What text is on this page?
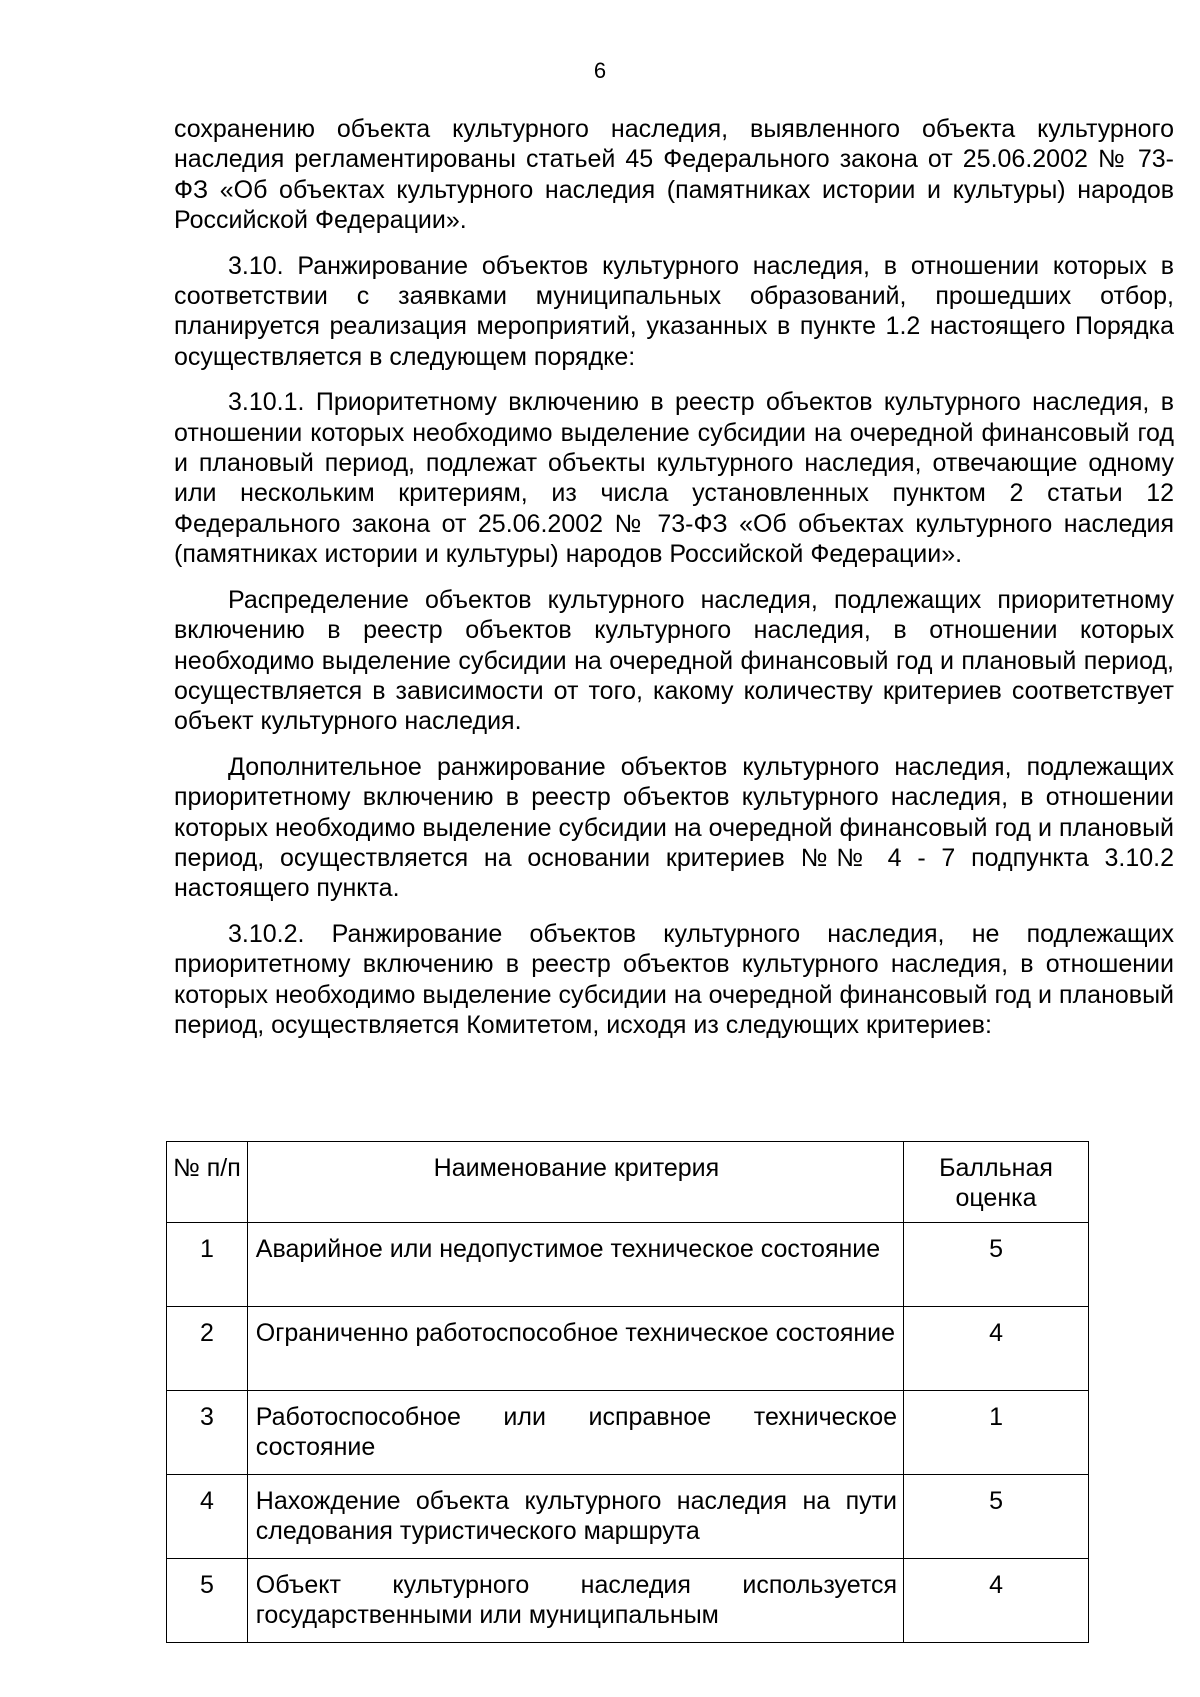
6

сохранению объекта культурного наследия, выявленного объекта культурного наследия регламентированы статьей 45 Федерального закона от 25.06.2002 № 73-ФЗ «Об объектах культурного наследия (памятниках истории и культуры) народов Российской Федерации».

3.10. Ранжирование объектов культурного наследия, в отношении которых в соответствии с заявками муниципальных образований, прошедших отбор, планируется реализация мероприятий, указанных в пункте 1.2 настоящего Порядка осуществляется в следующем порядке:

3.10.1. Приоритетному включению в реестр объектов культурного наследия, в отношении которых необходимо выделение субсидии на очередной финансовый год и плановый период, подлежат объекты культурного наследия, отвечающие одному или нескольким критериям, из числа установленных пунктом 2 статьи 12 Федерального закона от 25.06.2002 № 73-ФЗ «Об объектах культурного наследия (памятниках истории и культуры) народов Российской Федерации».

Распределение объектов культурного наследия, подлежащих приоритетному включению в реестр объектов культурного наследия, в отношении которых необходимо выделение субсидии на очередной финансовый год и плановый период, осуществляется в зависимости от того, какому количеству критериев соответствует объект культурного наследия.

Дополнительное ранжирование объектов культурного наследия, подлежащих приоритетному включению в реестр объектов культурного наследия, в отношении которых необходимо выделение субсидии на очередной финансовый год и плановый период, осуществляется на основании критериев №№ 4 - 7 подпункта 3.10.2 настоящего пункта.

3.10.2. Ранжирование объектов культурного наследия, не подлежащих приоритетному включению в реестр объектов культурного наследия, в отношении которых необходимо выделение субсидии на очередной финансовый год и плановый период, осуществляется Комитетом, исходя из следующих критериев:

№ п/п	Наименование критерия	Балльная оценка
1	Аварийное или недопустимое техническое состояние	5
2	Ограниченно работоспособное техническое состояние	4
3	Работоспособное или исправное техническое состояние	1
4	Нахождение объекта культурного наследия на пути следования туристического маршрута	5
5	Объект культурного наследия используется государственными или муниципальным	4
